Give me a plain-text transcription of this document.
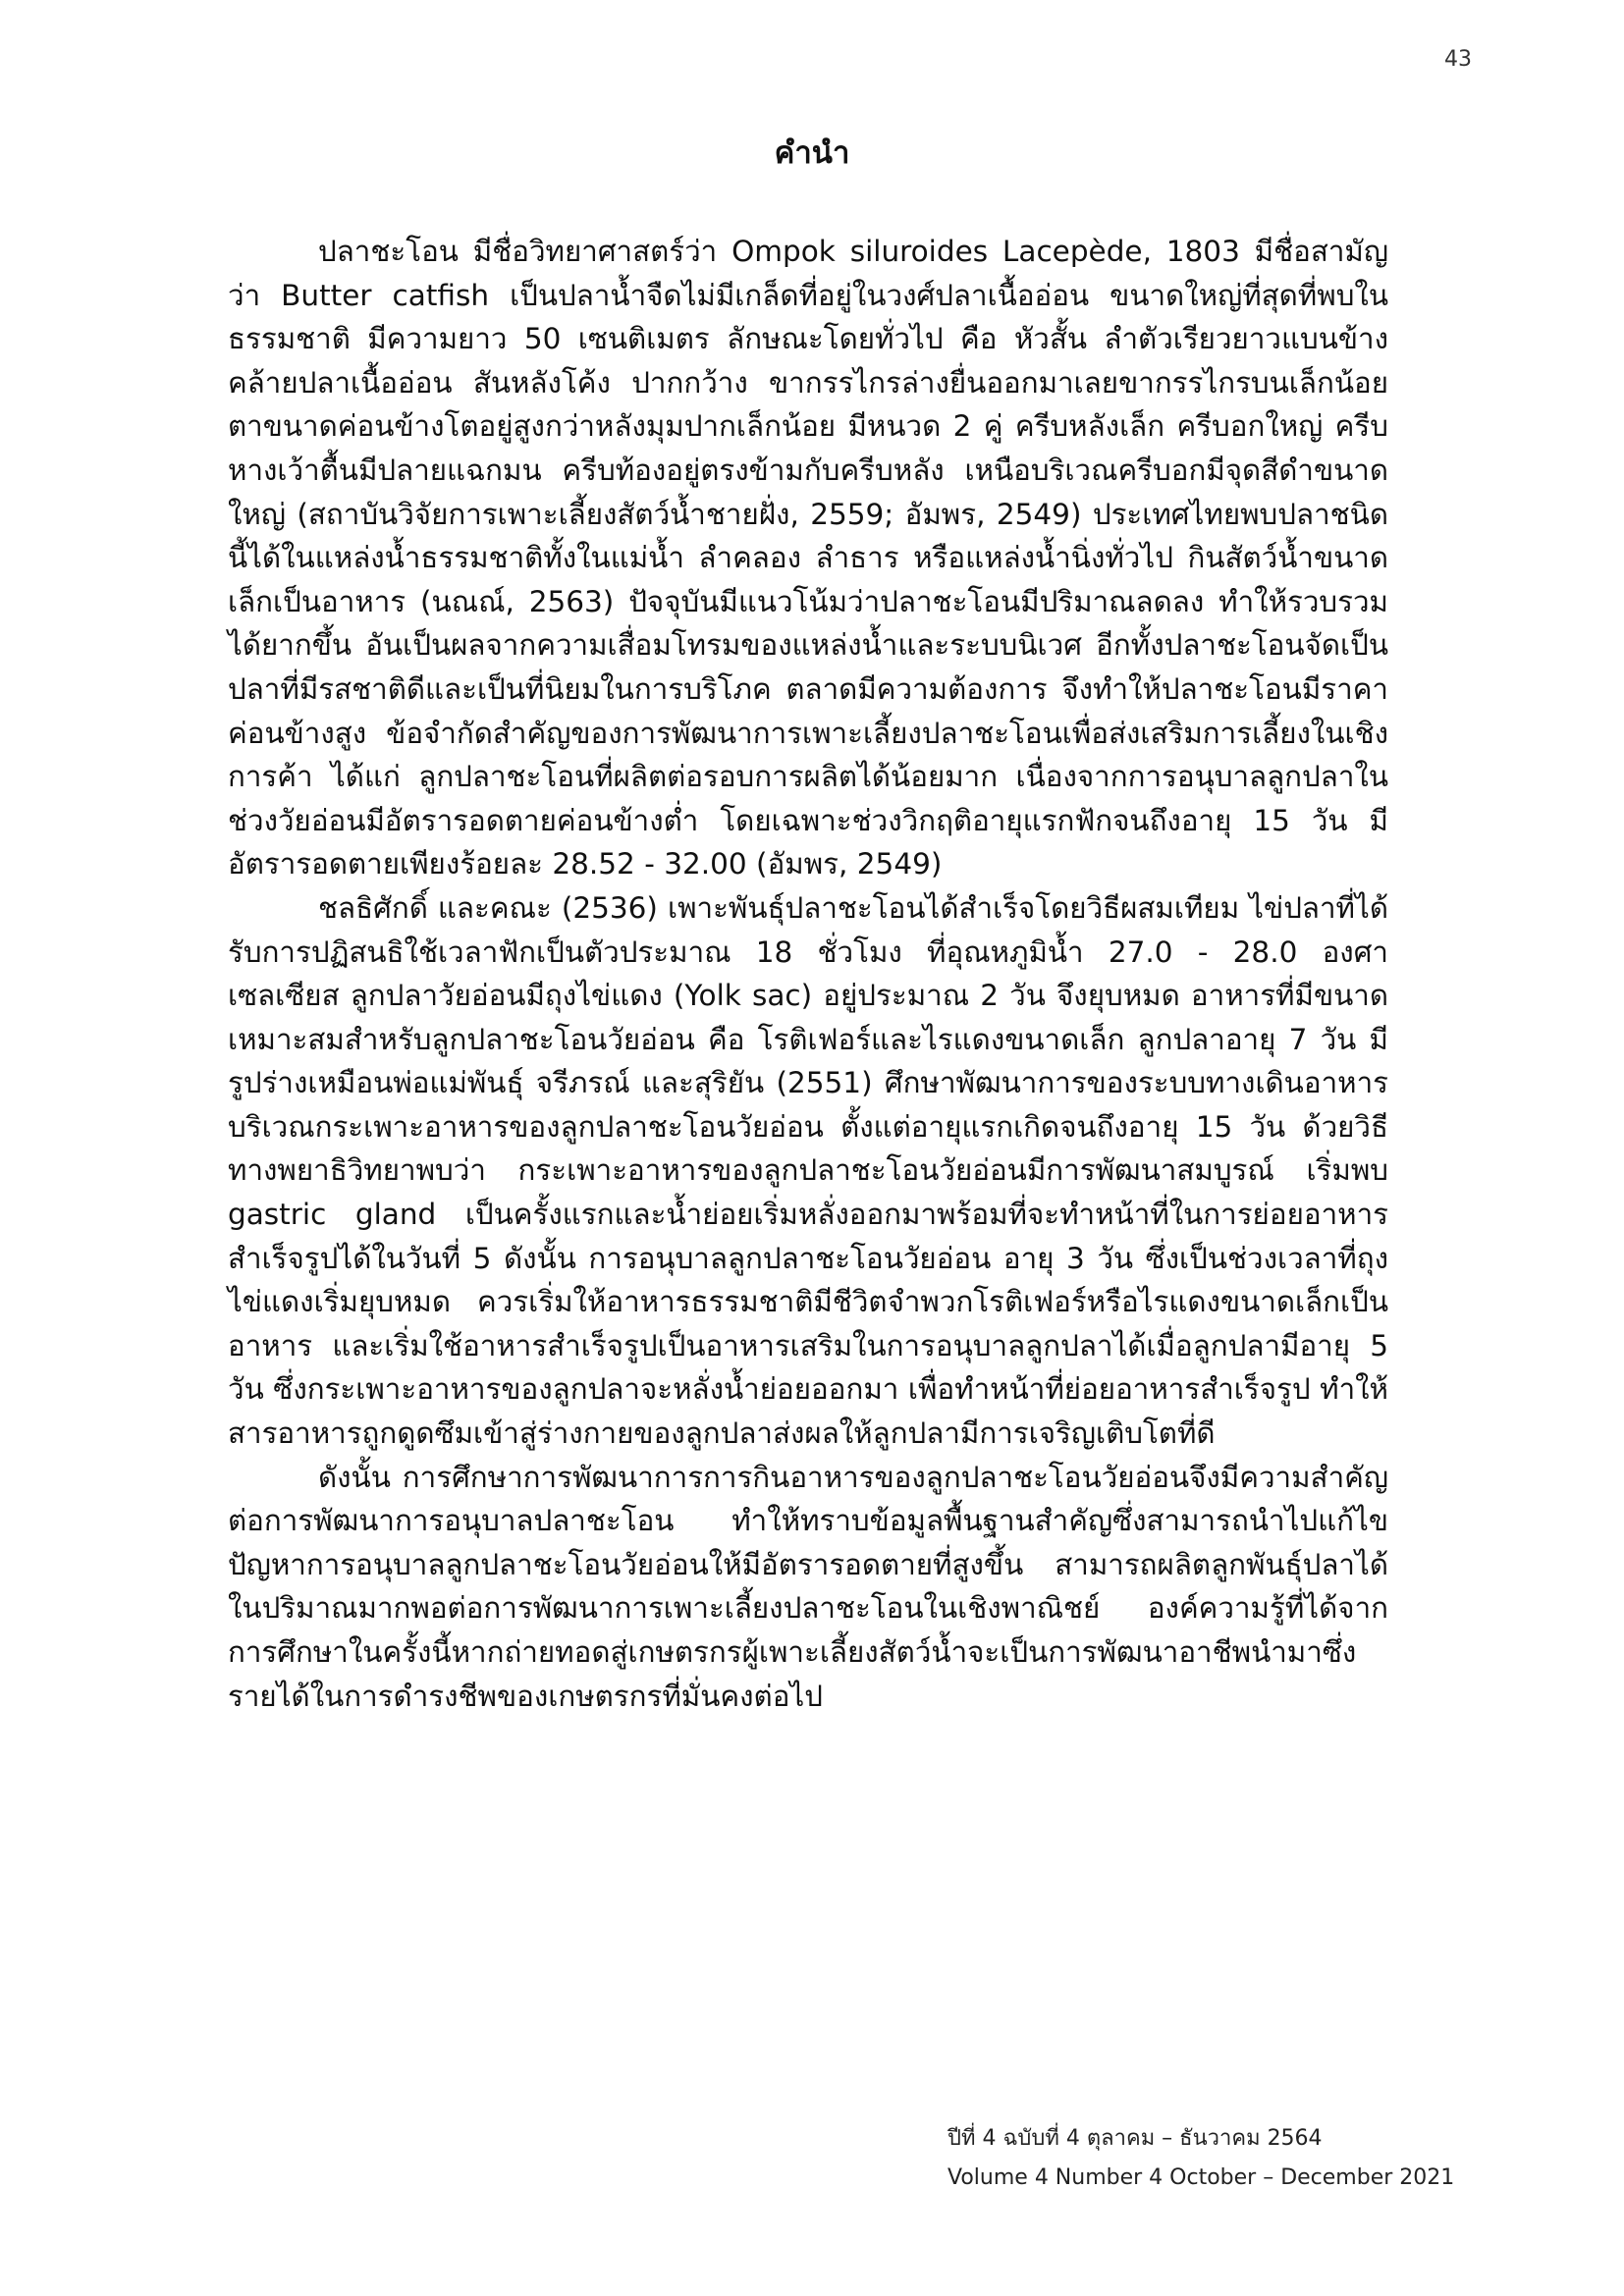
43
คำนำ

ปลาชะโอน มีชื่อวิทยาศาสตร์ว่า Ompok siluroides Lacepède, 1803 มีชื่อสามัญว่า Butter catfish เป็นปลาน้ำจืดไม่มีเกล็ดที่อยู่ในวงศ์ปลาเนื้ออ่อน ขนาดใหญ่ที่สุดที่พบในธรรมชาติ มีความยาว 50 เซนติเมตร ลักษณะโดยทั่วไป คือ หัวสั้น ลำตัวเรียวยาวแบนข้างคล้ายปลาเนื้ออ่อน สันหลังโค้ง ปากกว้าง ขากรรไกรล่างยื่นออกมาเลยขากรรไกรบนเล็กน้อย ตาขนาดค่อนข้างโตอยู่สูงกว่าหลังมุมปากเล็กน้อย มีหนวด 2 คู่ ครีบหลังเล็ก ครีบอกใหญ่ ครีบหางเว้าตื้นมีปลายแฉกมน ครีบท้องอยู่ตรงข้ามกับครีบหลัง เหนือบริเวณครีบอกมีจุดสีดำขนาดใหญ่ (สถาบันวิจัยการเพาะเลี้ยงสัตว์น้ำชายฝั่ง, 2559; อัมพร, 2549) ประเทศไทยพบปลาชนิดนี้ได้ในแหล่งน้ำธรรมชาติทั้งในแม่น้ำ ลำคลอง ลำธาร หรือแหล่งน้ำนิ่งทั่วไป กินสัตว์น้ำขนาดเล็กเป็นอาหาร (นณณ์, 2563) ปัจจุบันมีแนวโน้มว่าปลาชะโอนมีปริมาณลดลง ทำให้รวบรวมได้ยากขึ้น อันเป็นผลจากความเสื่อมโทรมของแหล่งน้ำและระบบนิเวศ อีกทั้งปลาชะโอนจัดเป็นปลาที่มีรสชาติดีและเป็นที่นิยมในการบริโภค ตลาดมีความต้องการ จึงทำให้ปลาชะโอนมีราคาค่อนข้างสูง ข้อจำกัดสำคัญของการพัฒนาการเพาะเลี้ยงปลาชะโอนเพื่อส่งเสริมการเลี้ยงในเชิงการค้า ได้แก่ ลูกปลาชะโอนที่ผลิตต่อรอบการผลิตได้น้อยมาก เนื่องจากการอนุบาลลูกปลาในช่วงวัยอ่อนมีอัตรารอดตายค่อนข้างต่ำ โดยเฉพาะช่วงวิกฤติอายุแรกฟักจนถึงอายุ 15 วัน มีอัตรารอดตายเพียงร้อยละ 28.52 - 32.00 (อัมพร, 2549)

ชลธิศักดิ์ และคณะ (2536) เพาะพันธุ์ปลาชะโอนได้สำเร็จโดยวิธีผสมเทียม ไข่ปลาที่ได้รับการปฏิสนธิใช้เวลาฟักเป็นตัวประมาณ 18 ชั่วโมง ที่อุณหภูมิน้ำ 27.0 - 28.0 องศาเซลเซียส ลูกปลาวัยอ่อนมีถุงไข่แดง (Yolk sac) อยู่ประมาณ 2 วัน จึงยุบหมด อาหารที่มีขนาดเหมาะสมสำหรับลูกปลาชะโอนวัยอ่อน คือ โรติเฟอร์และไรแดงขนาดเล็ก ลูกปลาอายุ 7 วัน มีรูปร่างเหมือนพ่อแม่พันธุ์ จรีภรณ์ และสุริยัน (2551) ศึกษาพัฒนาการของระบบทางเดินอาหารบริเวณกระเพาะอาหารของลูกปลาชะโอนวัยอ่อน ตั้งแต่อายุแรกเกิดจนถึงอายุ 15 วัน ด้วยวิธีทางพยาธิวิทยาพบว่า กระเพาะอาหารของลูกปลาชะโอนวัยอ่อนมีการพัฒนาสมบูรณ์ เริ่มพบ gastric gland เป็นครั้งแรกและน้ำย่อยเริ่มหลั่งออกมาพร้อมที่จะทำหน้าที่ในการย่อยอาหารสำเร็จรูปได้ในวันที่ 5 ดังนั้น การอนุบาลลูกปลาชะโอนวัยอ่อน อายุ 3 วัน ซึ่งเป็นช่วงเวลาที่ถุงไข่แดงเริ่มยุบหมด ควรเริ่มให้อาหารธรรมชาติมีชีวิตจำพวกโรติเฟอร์หรือไรแดงขนาดเล็กเป็นอาหาร และเริ่มใช้อาหารสำเร็จรูปเป็นอาหารเสริมในการอนุบาลลูกปลาได้เมื่อลูกปลามีอายุ 5 วัน ซึ่งกระเพาะอาหารของลูกปลาจะหลั่งน้ำย่อยออกมา เพื่อทำหน้าที่ย่อยอาหารสำเร็จรูป ทำให้สารอาหารถูกดูดซึมเข้าสู่ร่างกายของลูกปลาส่งผลให้ลูกปลามีการเจริญเติบโตที่ดี

ดังนั้น การศึกษาการพัฒนาการการกินอาหารของลูกปลาชะโอนวัยอ่อนจึงมีความสำคัญต่อการพัฒนาการอนุบาลปลาชะโอน ทำให้ทราบข้อมูลพื้นฐานสำคัญซึ่งสามารถนำไปแก้ไขปัญหาการอนุบาลลูกปลาชะโอนวัยอ่อนให้มีอัตรารอดตายที่สูงขึ้น สามารถผลิตลูกพันธุ์ปลาได้ในปริมาณมากพอต่อการพัฒนาการเพาะเลี้ยงปลาชะโอนในเชิงพาณิชย์ องค์ความรู้ที่ได้จากการศึกษาในครั้งนี้หากถ่ายทอดสู่เกษตรกรผู้เพาะเลี้ยงสัตว์น้ำจะเป็นการพัฒนาอาชีพนำมาซึ่งรายได้ในการดำรงชีพของเกษตรกรที่มั่นคงต่อไป

ปีที่ 4 ฉบับที่ 4 ตุลาคม – ธันวาคม 2564
Volume 4 Number 4 October – December 2021
